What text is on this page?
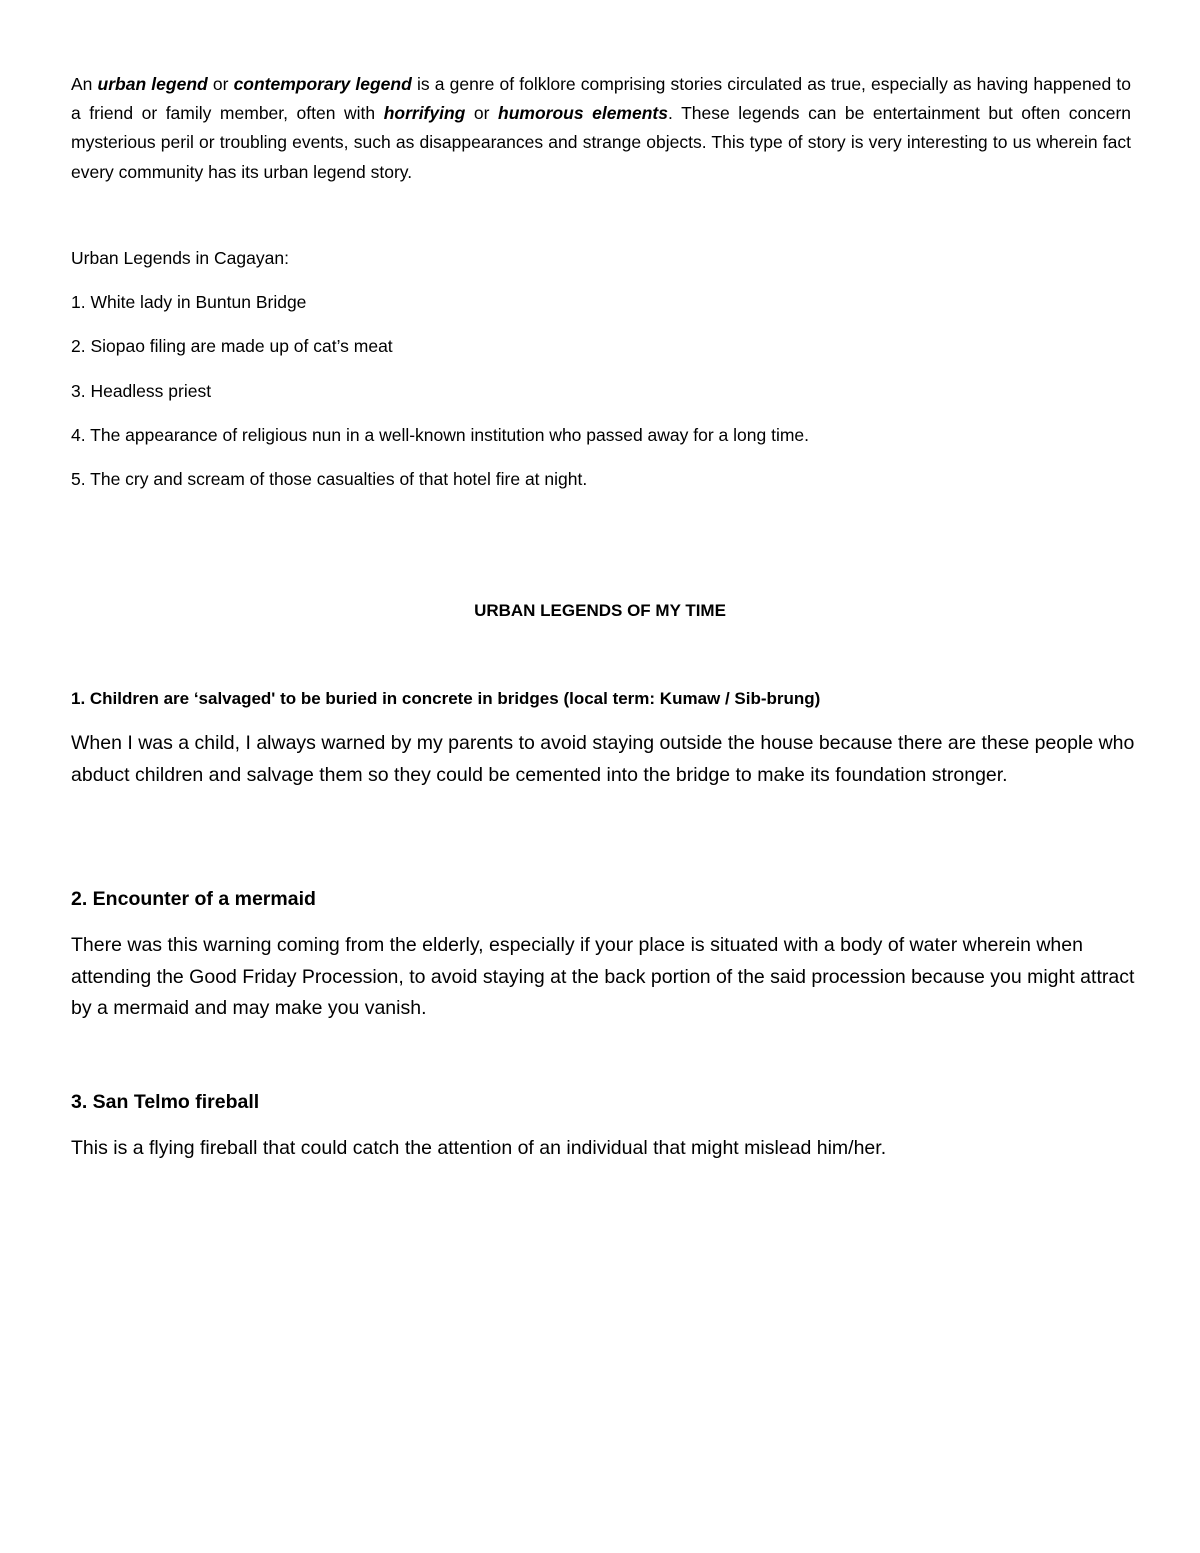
An urban legend or contemporary legend is a genre of folklore comprising stories circulated as true, especially as having happened to a friend or family member, often with horrifying or humorous elements. These legends can be entertainment but often concern mysterious peril or troubling events, such as disappearances and strange objects. This type of story is very interesting to us wherein fact every community has its urban legend story.

Urban Legends in Cagayan:

1. White lady in Buntun Bridge
2. Siopao filing are made up of cat’s meat
3. Headless priest
4. The appearance of religious nun in a well-known institution who passed away for a long time.
5. The cry and scream of those casualties of that hotel fire at night.
URBAN LEGENDS OF MY TIME
1. Children are ‘salvaged' to be buried in concrete in bridges (local term: Kumaw / Sib-brung)

When I was a child, I always warned by my parents to avoid staying outside the house because there are these people who abduct children and salvage them so they could be cemented into the bridge to make its foundation stronger.

2. Encounter of a mermaid

There was this warning coming from the elderly, especially if your place is situated with a body of water wherein when attending the Good Friday Procession, to avoid staying at the back portion of the said procession because you might attract by a mermaid and may make you vanish.

3. San Telmo fireball

This is a flying fireball that could catch the attention of an individual that might mislead him/her.
